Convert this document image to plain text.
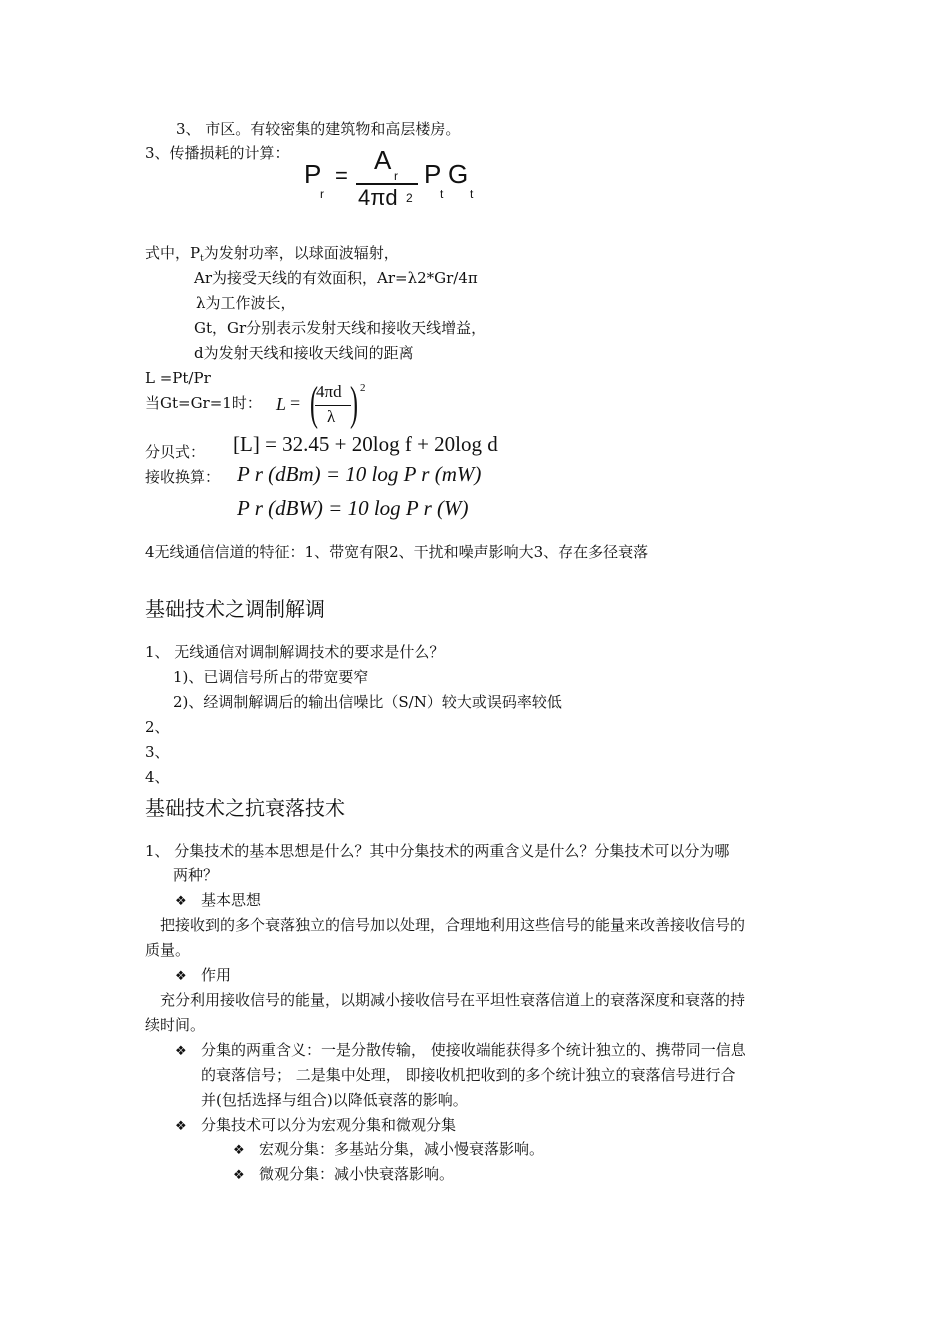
3、 市区。有较密集的建筑物和高层楼房。
3、传播损耗的计算：
P
r
=
A
r
4πd 2
P
t
G
t
式中，$P_t$为发射功率，以球面波辐射，
Ar为接受天线的有效面积，Ar=λ2*Gr/4π
λ为工作波长，
Gt，Gr分别表示发射天线和接收天线增益，
d为发射天线和接收天线间的距离
L =Pt/Pr
当Gt=Gr=1时： L = (
4πd
λ ) 2
分贝式： [L] = 32.45 + 20log f + 20log d
接收换算： P r (dBm) = 10 log P r (mW)
P r (dBW) = 10 log P r (W)
4无线通信信道的特征：1、带宽有限2、干扰和噪声影响大3、存在多径衰落
基础技术之调制解调
1、 无线通信对调制解调技术的要求是什么？
1)、已调信号所占的带宽要窄
2)、经调制解调后的输出信噪比（S/N）较大或误码率较低
2、
3、
4、
基础技术之抗衰落技术
1、 分集技术的基本思想是什么？其中分集技术的两重含义是什么？分集技术可以分为哪
两种？
❖ 基本思想
把接收到的多个衰落独立的信号加以处理，合理地利用这些信号的能量来改善接收信号的
质量。
❖ 作用
充分利用接收信号的能量，以期减小接收信号在平坦性衰落信道上的衰落深度和衰落的持
续时间。
❖ 分集的两重含义：一是分散传输， 使接收端能获得多个统计独立的、携带同一信息
的衰落信号； 二是集中处理， 即接收机把收到的多个统计独立的衰落信号进行合
并(包括选择与组合)以降低衰落的影响。
❖ 分集技术可以分为宏观分集和微观分集
❖ 宏观分集：多基站分集，减小慢衰落影响。
❖ 微观分集：减小快衰落影响。
